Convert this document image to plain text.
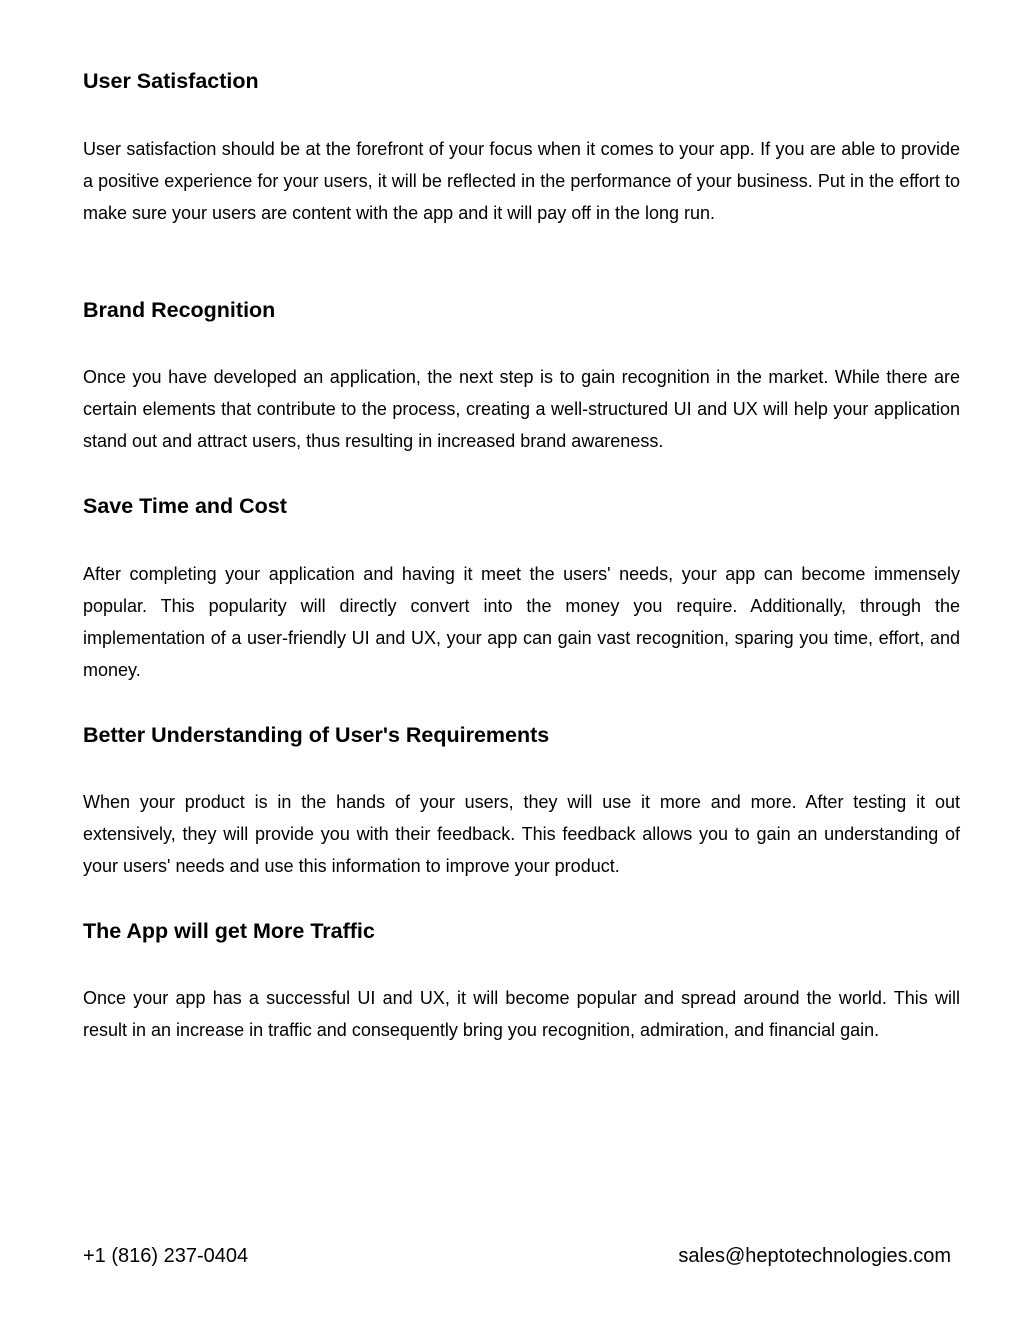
User Satisfaction

User satisfaction should be at the forefront of your focus when it comes to your app. If you are able to provide a positive experience for your users, it will be reflected in the performance of your business. Put in the effort to make sure your users are content with the app and it will pay off in the long run.

Brand Recognition

Once you have developed an application, the next step is to gain recognition in the market. While there are certain elements that contribute to the process, creating a well-structured UI and UX will help your application stand out and attract users, thus resulting in increased brand awareness.

Save Time and Cost

After completing your application and having it meet the users' needs, your app can become immensely popular. This popularity will directly convert into the money you require. Additionally, through the implementation of a user-friendly UI and UX, your app can gain vast recognition, sparing you time, effort, and money.

Better Understanding of User's Requirements

When your product is in the hands of your users, they will use it more and more. After testing it out extensively, they will provide you with their feedback. This feedback allows you to gain an understanding of your users' needs and use this information to improve your product.

The App will get More Traffic

Once your app has a successful UI and UX, it will become popular and spread around the world. This will result in an increase in traffic and consequently bring you recognition, admiration, and financial gain.

+1 (816) 237-0404	sales@heptotechnologies.com
